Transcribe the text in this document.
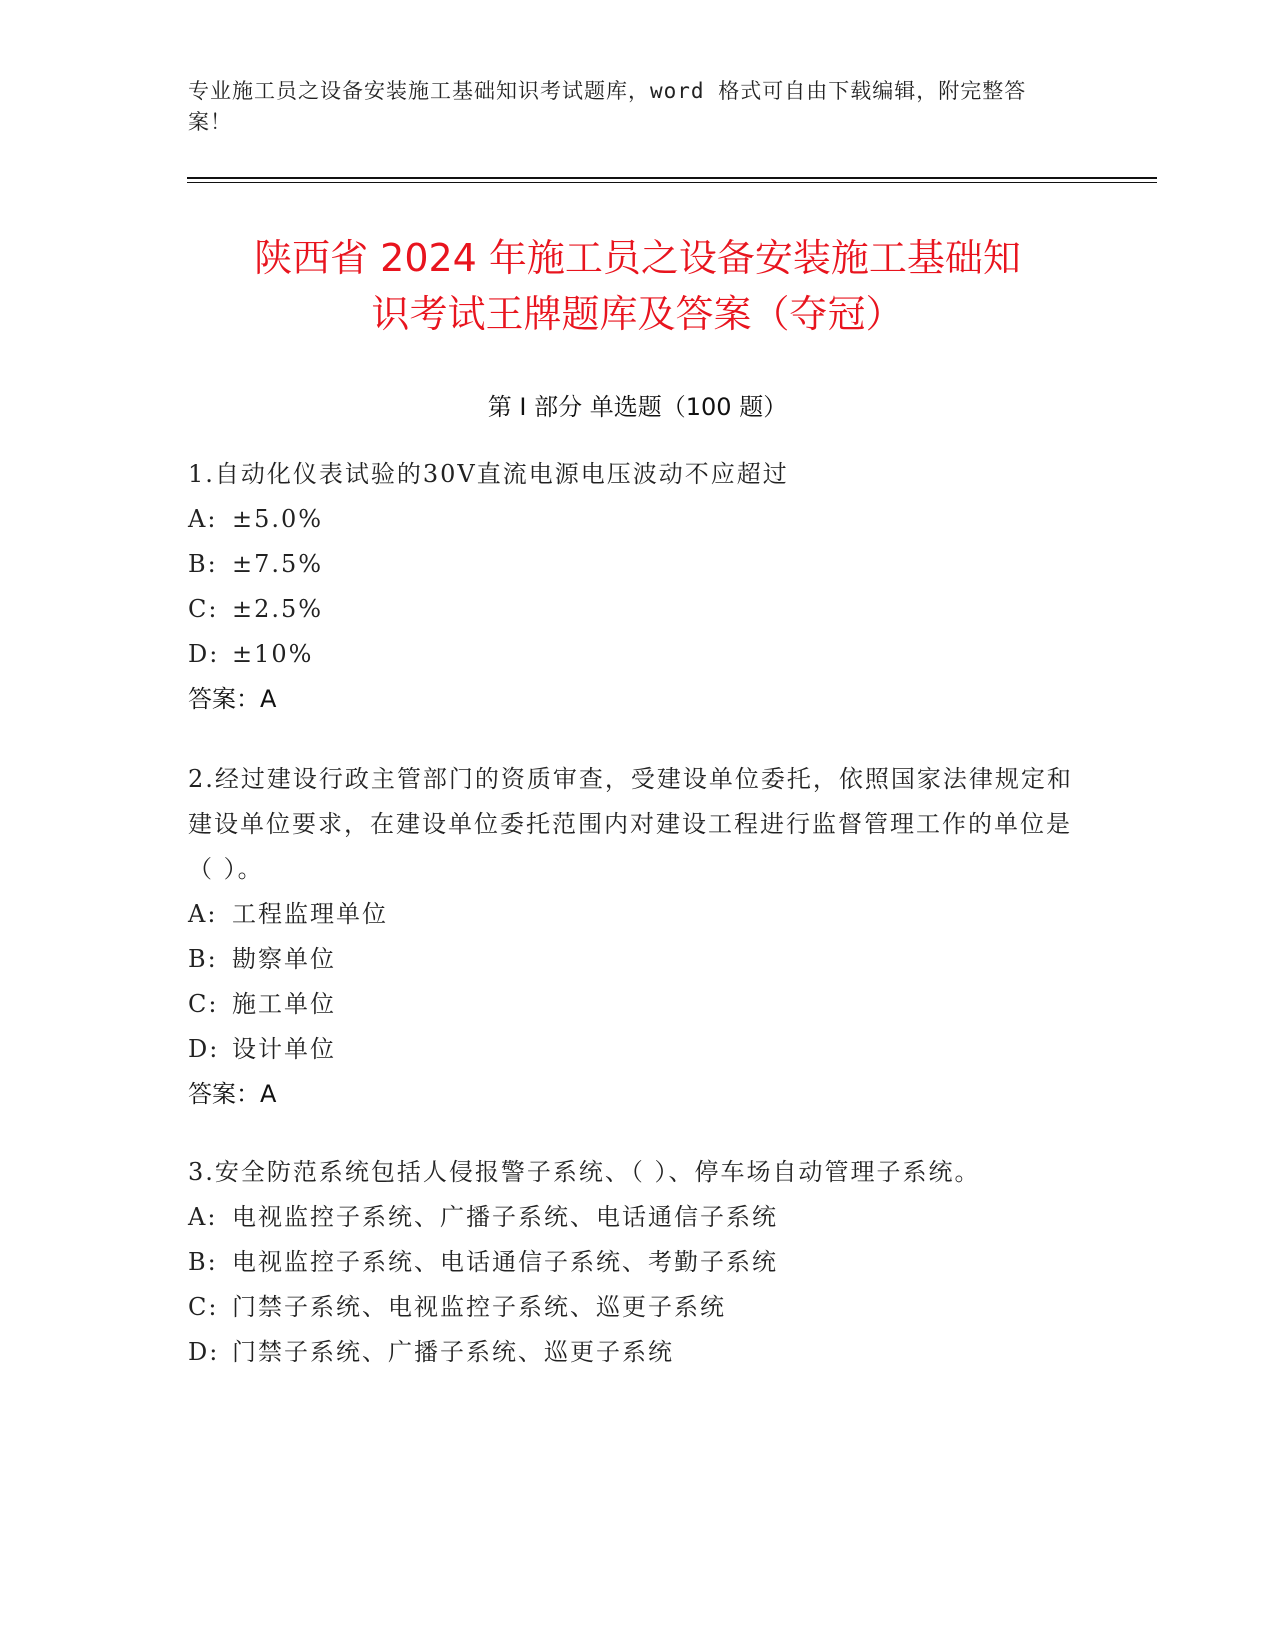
专业施工员之设备安装施工基础知识考试题库，word 格式可自由下载编辑，附完整答案！
陕西省 2024 年施工员之设备安装施工基础知
识考试王牌题库及答案（夺冠）
第 I 部分 单选题（100 题）
1.自动化仪表试验的30V直流电源电压波动不应超过
A: ±5.0%
B: ±7.5%
C: ±2.5%
D: ±10%
答案：A
2.经过建设行政主管部门的资质审查，受建设单位委托，依照国家法律规定和建设单位要求，在建设单位委托范围内对建设工程进行监督管理工作的单位是（ ）。
A: 工程监理单位
B: 勘察单位
C: 施工单位
D: 设计单位
答案：A
3.安全防范系统包括人侵报警子系统、（ ）、停车场自动管理子系统。
A: 电视监控子系统、广播子系统、电话通信子系统
B: 电视监控子系统、电话通信子系统、考勤子系统
C: 门禁子系统、电视监控子系统、巡更子系统
D: 门禁子系统、广播子系统、巡更子系统
